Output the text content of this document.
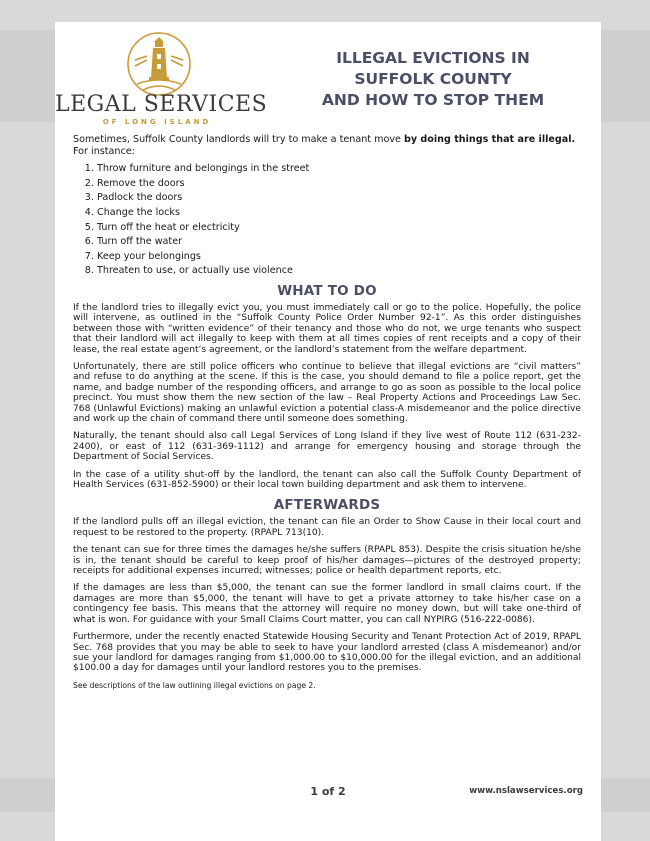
LEGAL SERVICES
OF LONG ISLAND
ILLEGAL EVICTIONS IN
SUFFOLK COUNTY
AND HOW TO STOP THEM

Sometimes, Suffolk County landlords will try to make a tenant move by doing things that are illegal. For instance:

1. Throw furniture and belongings in the street
2. Remove the doors
3. Padlock the doors
4. Change the locks
5. Turn off the heat or electricity
6. Turn off the water
7. Keep your belongings
8. Threaten to use, or actually use violence
WHAT TO DO

If the landlord tries to illegally evict you, you must immediately call or go to the police. Hopefully, the police will intervene, as outlined in the “Suffolk County Police Order Number 92-1”. As this order distinguishes between those with “written evidence” of their tenancy and those who do not, we urge tenants who suspect that their landlord will act illegally to keep with them at all times copies of rent receipts and a copy of their lease, the real estate agent’s agreement, or the landlord’s statement from the welfare department.

Unfortunately, there are still police officers who continue to believe that illegal evictions are “civil matters” and refuse to do anything at the scene. If this is the case, you should demand to file a police report, get the name, and badge number of the responding officers, and arrange to go as soon as possible to the local police precinct. You must show them the new section of the law – Real Property Actions and Proceedings Law Sec. 768 (Unlawful Evictions) making an unlawful eviction a potential class-A misdemeanor and the police directive and work up the chain of command there until someone does something.

Naturally, the tenant should also call Legal Services of Long Island if they live west of Route 112 (631-232-2400), or east of 112 (631-369-1112) and arrange for emergency housing and storage through the Department of Social Services.

In the case of a utility shut-off by the landlord, the tenant can also call the Suffolk County Department of Health Services (631-852-5900) or their local town building department and ask them to intervene.

AFTERWARDS

If the landlord pulls off an illegal eviction, the tenant can file an Order to Show Cause in their local court and request to be restored to the property. (RPAPL 713(10).

the tenant can sue for three times the damages he/she suffers (RPAPL 853). Despite the crisis situation he/she is in, the tenant should be careful to keep proof of his/her damages—pictures of the destroyed property; receipts for additional expenses incurred; witnesses; police or health department reports, etc.

If the damages are less than $5,000, the tenant can sue the former landlord in small claims court. If the damages are more than $5,000, the tenant will have to get a private attorney to take his/her case on a contingency fee basis. This means that the attorney will require no money down, but will take one-third of what is won. For guidance with your Small Claims Court matter, you can call NYPIRG (516-222-0086).

Furthermore, under the recently enacted Statewide Housing Security and Tenant Protection Act of 2019, RPAPL Sec. 768 provides that you may be able to seek to have your landlord arrested (class A misdemeanor) and/or sue your landlord for damages ranging from $1,000.00 to $10,000.00 for the illegal eviction, and an additional $100.00 a day for damages until your landlord restores you to the premises.

See descriptions of the law outlining illegal evictions on page 2.
1 of 2	www.nslawservices.org
